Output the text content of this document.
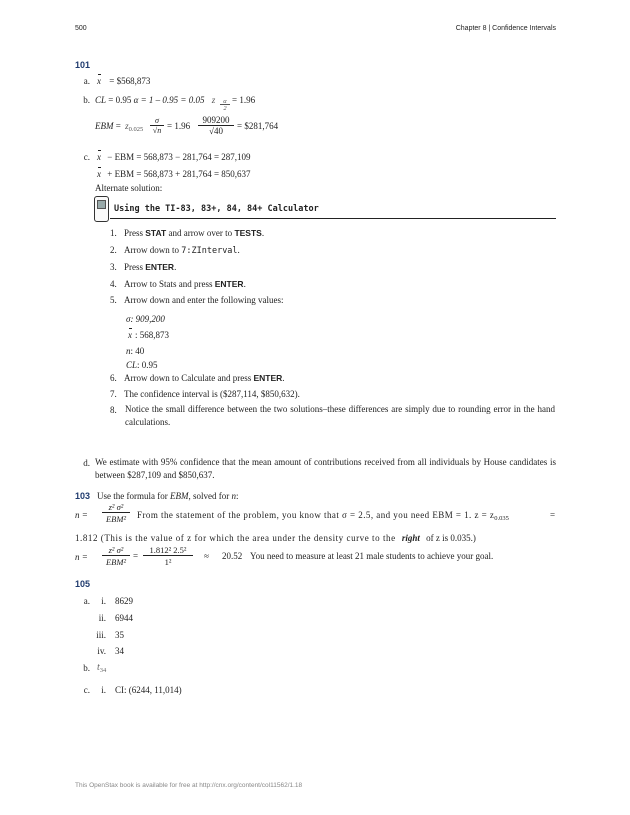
500	Chapter 8 | Confidence Intervals
101
a. x = $568,873
b. CL = 0.95 α = 1 – 0.95 = 0.05 z	α
2
= 1.96
EBM = $z_{0.025}$
σ
√n = 1.96
909200
√40	= $281,764
c. x − EBM = 568,873 − 281,764 = 287,109
x + EBM = 568,873 + 281,764 = 850,637
Alternate solution:
Using the TI-83, 83+, 84, 84+ Calculator
1. Press STAT and arrow over to TESTS.
2. Arrow down to 7:ZInterval.
3. Press ENTER.
4. Arrow to Stats and press ENTER.
5. Arrow down and enter the following values:
σ: 909,200
x : 568,873
n: 40
CL: 0.95
6. Arrow down to Calculate and press ENTER.
7. The confidence interval is ($287,114, $850,632).
8. Notice the small difference between the two solutions–these differences are simply due to rounding error in the hand calculations.
d. We estimate with 95% confidence that the mean amount of contributions received from all individuals by House candidates is between $287,109 and $850,637.
103 Use the formula for EBM, solved for n:
n =
z² σ²
EBM²	From the statement of the problem, you know that σ = 2.5, and you need EBM = 1. $z = z_{0.035}$	=
1.812 (This is the value of z for which the area under the density curve to the right of z is 0.035.)
n =
z² σ²
EBM²
=
1.812² 2.5²
1²
≈ 20.52 You need to measure at least 21 male students to achieve your goal.
105
a.	i. 8629
ii. 6944
iii. 35
iv. 34
b. $t_{34}$
c.	i. CI: (6244, 11,014)
This OpenStax book is available for free at http://cnx.org/content/col11562/1.18
